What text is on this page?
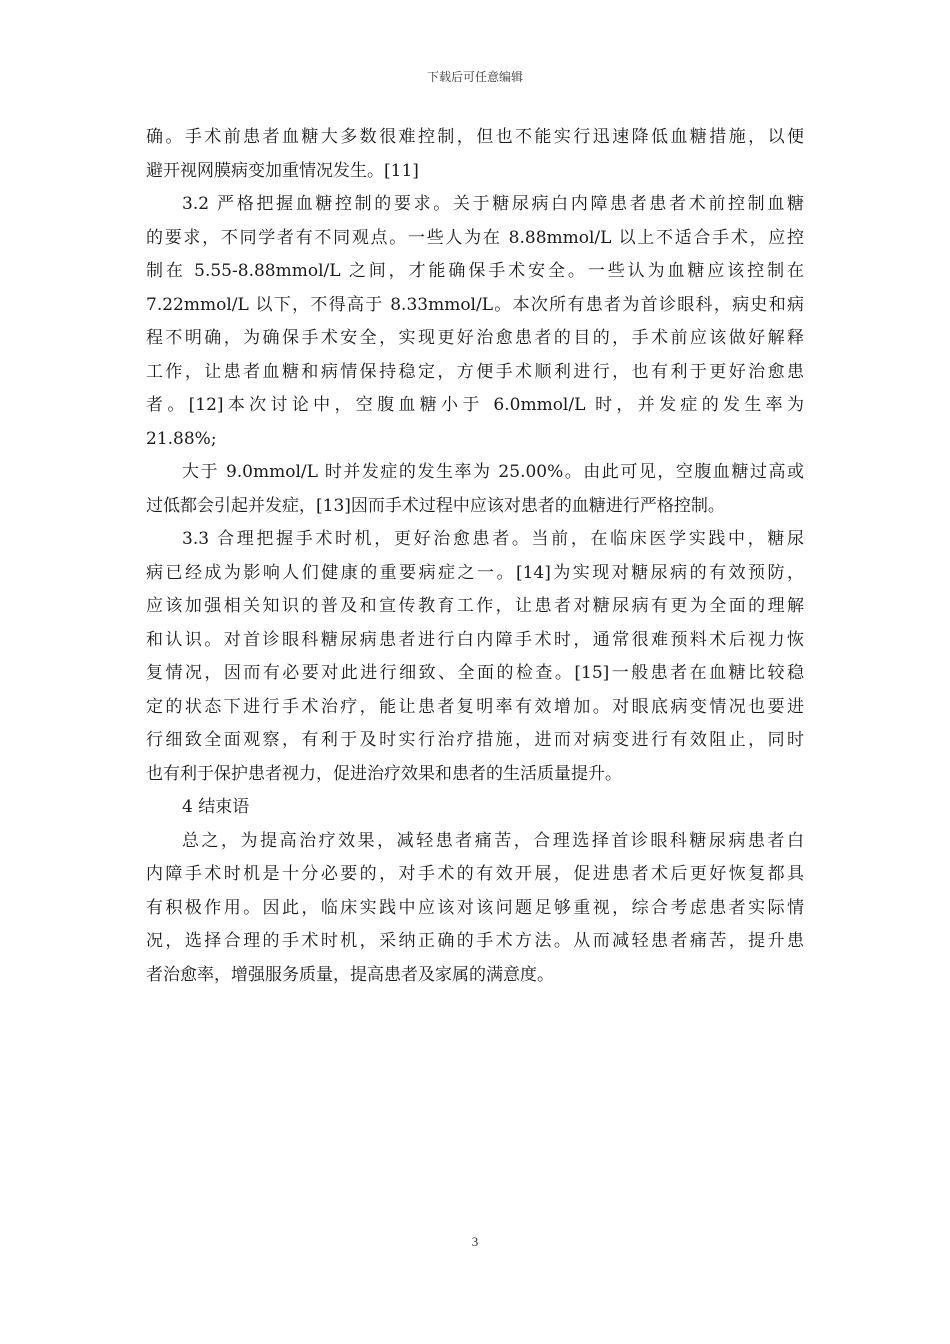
下载后可任意编辑
确。手术前患者血糖大多数很难控制，但也不能实行迅速降低血糖措施，以便
避开视网膜病变加重情况发生。[11]
3.2 严格把握血糖控制的要求。关于糖尿病白内障患者患者术前控制血糖
的要求，不同学者有不同观点。一些人为在 8.88mmol/L 以上不适合手术，应控
制在 5.55-8.88mmol/L 之间，才能确保手术安全。一些认为血糖应该控制在
7.22mmol/L 以下，不得高于 8.33mmol/L。本次所有患者为首诊眼科，病史和病
程不明确，为确保手术安全，实现更好治愈患者的目的，手术前应该做好解释
工作，让患者血糖和病情保持稳定，方便手术顺利进行，也有利于更好治愈患
者。[12]本次讨论中，空腹血糖小于 6.0mmol/L 时，并发症的发生率为
21.88%;
大于 9.0mmol/L 时并发症的发生率为 25.00%。由此可见，空腹血糖过高或
过低都会引起并发症，[13]因而手术过程中应该对患者的血糖进行严格控制。
3.3 合理把握手术时机，更好治愈患者。当前，在临床医学实践中，糖尿
病已经成为影响人们健康的重要病症之一。[14]为实现对糖尿病的有效预防，
应该加强相关知识的普及和宣传教育工作，让患者对糖尿病有更为全面的理解
和认识。对首诊眼科糖尿病患者进行白内障手术时，通常很难预料术后视力恢
复情况，因而有必要对此进行细致、全面的检查。[15]一般患者在血糖比较稳
定的状态下进行手术治疗，能让患者复明率有效增加。对眼底病变情况也要进
行细致全面观察，有利于及时实行治疗措施，进而对病变进行有效阻止，同时
也有利于保护患者视力，促进治疗效果和患者的生活质量提升。
4 结束语
总之，为提高治疗效果，减轻患者痛苦，合理选择首诊眼科糖尿病患者白
内障手术时机是十分必要的，对手术的有效开展，促进患者术后更好恢复都具
有积极作用。因此，临床实践中应该对该问题足够重视，综合考虑患者实际情
况，选择合理的手术时机，采纳正确的手术方法。从而减轻患者痛苦，提升患
者治愈率，增强服务质量，提高患者及家属的满意度。
3
